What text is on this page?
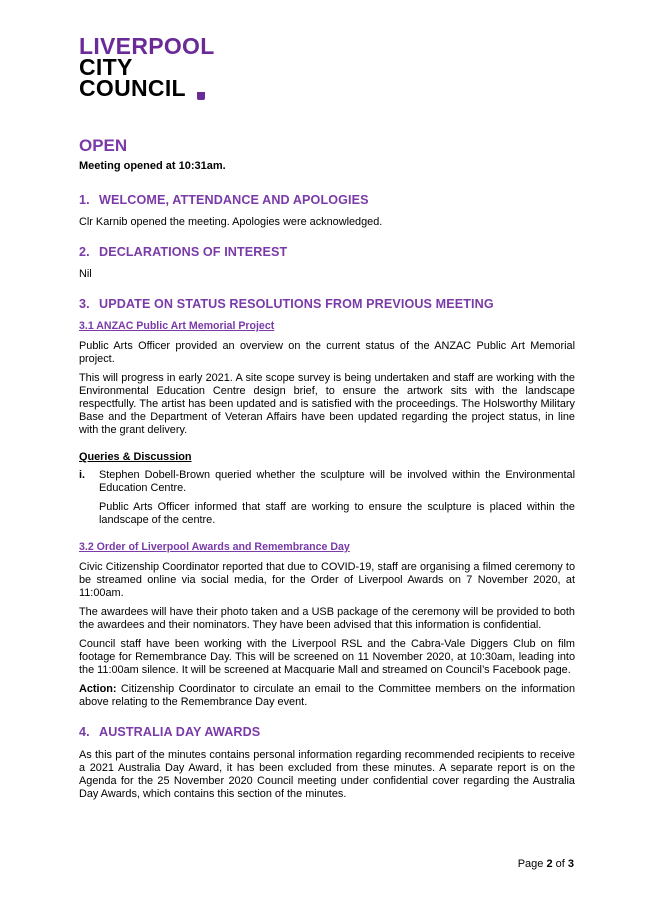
LIVERPOOL
CITY
COUNCIL
OPEN

Meeting opened at 10:31am.

1. WELCOME, ATTENDANCE AND APOLOGIES

Clr Karnib opened the meeting. Apologies were acknowledged.

2. DECLARATIONS OF INTEREST

Nil

3. UPDATE ON STATUS RESOLUTIONS FROM PREVIOUS MEETING
3.1 ANZAC Public Art Memorial Project

Public Arts Officer provided an overview on the current status of the ANZAC Public Art Memorial project.

This will progress in early 2021. A site scope survey is being undertaken and staff are working with the Environmental Education Centre design brief, to ensure the artwork sits with the landscape respectfully. The artist has been updated and is satisfied with the proceedings. The Holsworthy Military Base and the Department of Veteran Affairs have been updated regarding the project status, in line with the grant delivery.

Queries & Discussion

i. Stephen Dobell-Brown queried whether the sculpture will be involved within the Environmental Education Centre.

Public Arts Officer informed that staff are working to ensure the sculpture is placed within the landscape of the centre.

3.2 Order of Liverpool Awards and Remembrance Day

Civic Citizenship Coordinator reported that due to COVID-19, staff are organising a filmed ceremony to be streamed online via social media, for the Order of Liverpool Awards on 7 November 2020, at 11:00am.

The awardees will have their photo taken and a USB package of the ceremony will be provided to both the awardees and their nominators. They have been advised that this information is confidential.

Council staff have been working with the Liverpool RSL and the Cabra-Vale Diggers Club on film footage for Remembrance Day. This will be screened on 11 November 2020, at 10:30am, leading into the 11:00am silence. It will be screened at Macquarie Mall and streamed on Council’s Facebook page.

Action: Citizenship Coordinator to circulate an email to the Committee members on the information above relating to the Remembrance Day event.

4. AUSTRALIA DAY AWARDS

As this part of the minutes contains personal information regarding recommended recipients to receive a 2021 Australia Day Award, it has been excluded from these minutes. A separate report is on the Agenda for the 25 November 2020 Council meeting under confidential cover regarding the Australia Day Awards, which contains this section of the minutes.

Page 2 of 3
